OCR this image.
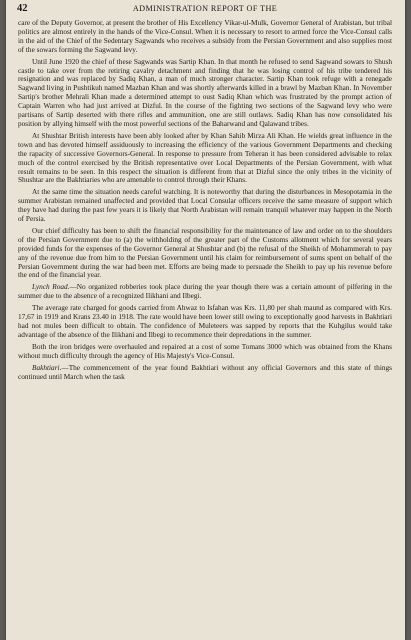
42	ADMINISTRATION REPORT OF THE

care of the Deputy Governor, at present the brother of His Excellency Vikar-ul-Mulk, Governor General of Arabistan, but tribal politics are almost entirely in the hands of the Vice-Consul. When it is necessary to resort to armed force the Vice-Consul calls in the aid of the Chief of the Sedentary Sagwands who receives a subsidy from the Persian Government and also supplies most of the sowars forming the Sagwand levy.

Until June 1920 the chief of these Sagwands was Sartip Khan. In that month he refused to send Sagwand sowars to Shush castle to take over from the retiring cavalry detachment and finding that he was losing control of his tribe tendered his resignation and was replaced by Sadiq Khan, a man of much stronger character. Sartip Khan took refuge with a renegade Sagwand living in Pushtikuh named Mazban Khan and was shortly afterwards killed in a brawl by Mazban Khan. In November Sartip's brother Mehrali Khan made a determined attempt to oust Sadiq Khan which was frustrated by the prompt action of Captain Warren who had just arrived at Dizful. In the course of the fighting two sections of the Sagwand levy who were partisans of Sartip deserted with there rifles and ammunition, one are still outlaws. Sadiq Khan has now consolidated his position by allying himself with the most powerful sections of the Baharwand and Qalawand tribes.

At Shushtar British interests have been ably looked after by Khan Sahib Mirza Ali Khan. He wields great influence in the town and has devoted himself assiduously to increasing the efficiency of the various Government Departments and checking the rapacity of successive Governors-General. In response to pressure from Teheran it has been considered advisable to relax much of the control exercised by the British representative over Local Departments of the Persian Government, with what result remains to be seen. In this respect the situation is different from that at Dizful since the only tribes in the vicinity of Shushtar are the Bakhtiaries who are amenable to control through their Khans.

At the same time the situation needs careful watching. It is noteworthy that during the disturbances in Mesopotamia in the summer Arabistan remained unaffected and provided that Local Consular officers receive the same measure of support which they have had during the past few years it is likely that North Arabistan will remain tranquil whatever may happen in the North of Persia.

Our chief difficulty has been to shift the financial responsibility for the maintenance of law and order on to the shoulders of the Persian Government due to (a) the withholding of the greater part of the Customs allotment which for several years provided funds for the expenses of the Governor General at Shushtar and (b) the refusal of the Sheikh of Mohammerah to pay any of the revenue due from him to the Persian Government until his claim for reimbursement of sums spent on behalf of the Persian Government during the war had been met. Efforts are being made to persuade the Sheikh to pay up his revenue before the end of the financial year.

Lynch Road.—No organized robberies took place during the year though there was a certain amount of pilfering in the summer due to the absence of a recognized Ilikhani and Ilbegi.

The average rate charged for goods carried from Ahwaz to Isfahan was Krs. 11,80 per shah maund as compared with Krs. 17,67 in 1919 and Krans 23.40 in 1918. The rate would have been lower still owing to exceptionally good harvests in Bakhtiari had not mules been difficult to obtain. The confidence of Muleteers was sapped by reports that the Kuhgilus would take advantage of the absence of the Ilikhani and Ilbegi to recommence their depredations in the summer.

Both the iron bridges were overhauled and repaired at a cost of some Tomans 3000 which was obtained from the Khans without much difficulty through the agency of His Majesty's Vice-Consul.

Bakhtiari.—The commencement of the year found Bakhtiari without any official Governors and this state of things continued until March when the task
